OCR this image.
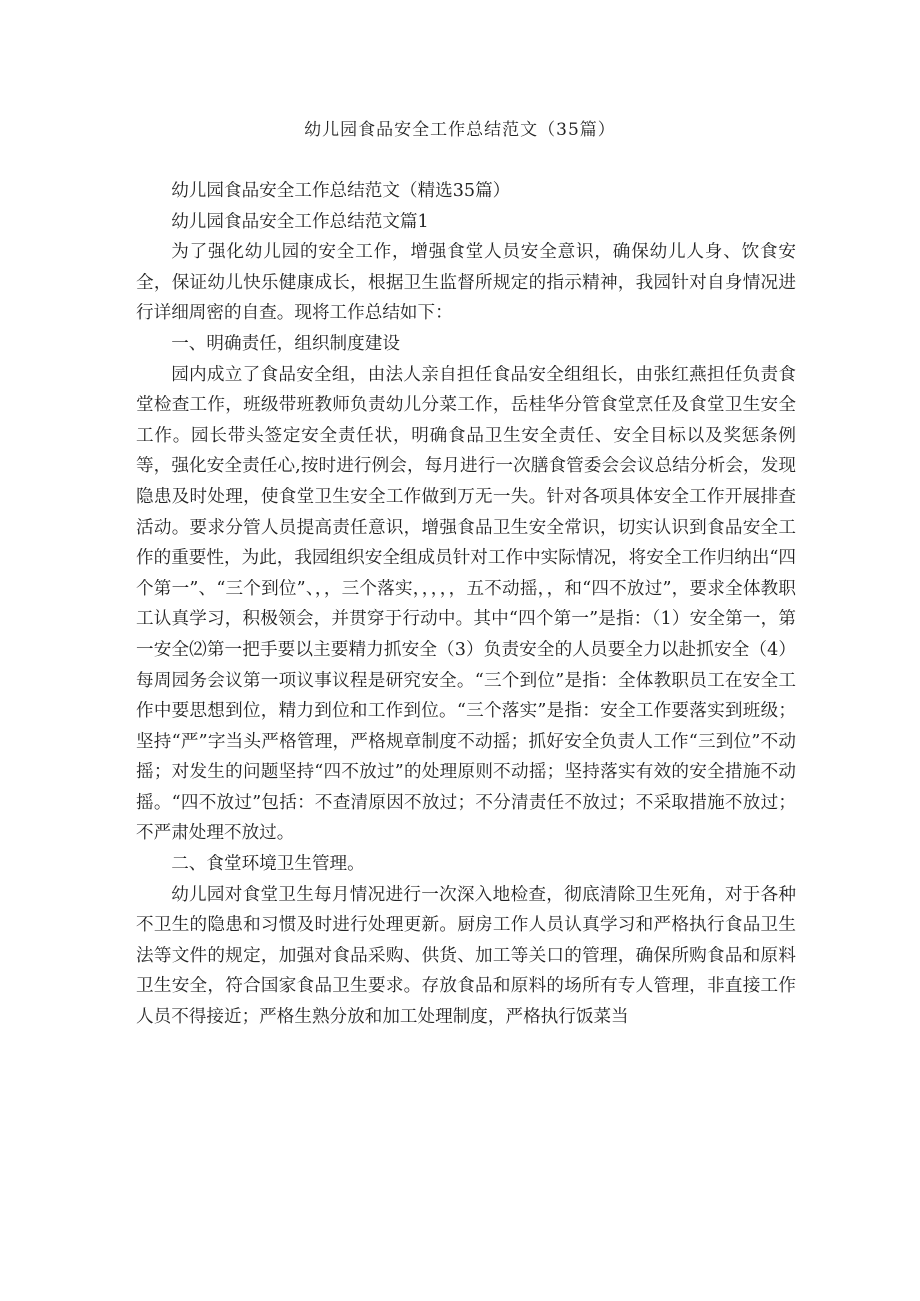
幼儿园食品安全工作总结范文（35篇）

幼儿园食品安全工作总结范文（精选35篇）

幼儿园食品安全工作总结范文篇1

为了强化幼儿园的安全工作，增强食堂人员安全意识，确保幼儿人身、饮食安全，保证幼儿快乐健康成长，根据卫生监督所规定的指示精神，我园针对自身情况进行详细周密的自查。现将工作总结如下：

一、明确责任，组织制度建设

园内成立了食品安全组，由法人亲自担任食品安全组组长，由张红燕担任负责食堂检查工作，班级带班教师负责幼儿分菜工作，岳桂华分管食堂烹任及食堂卫生安全工作。园长带头签定安全责任状，明确食品卫生安全责任、安全目标以及奖惩条例等，强化安全责任心,按时进行例会，每月进行一次膳食管委会会议总结分析会，发现隐患及时处理，使食堂卫生安全工作做到万无一失。针对各项具体安全工作开展排查活动。要求分管人员提高责任意识，增强食品卫生安全常识，切实认识到食品安全工作的重要性，为此，我园组织安全组成员针对工作中实际情况，将安全工作归纳出“四个第一”、“三个到位”、，，三个落实，，，，，五不动摇，，和“四不放过”，要求全体教职工认真学习，积极领会，并贯穿于行动中。其中“四个第一”是指：（1）安全第一，第一安全⑵第一把手要以主要精力抓安全（3）负责安全的人员要全力以赴抓安全（4）每周园务会议第一项议事议程是研究安全。“三个到位”是指：全体教职员工在安全工作中要思想到位，精力到位和工作到位。“三个落实”是指：安全工作要落实到班级；坚持“严”字当头严格管理，严格规章制度不动摇；抓好安全负责人工作“三到位”不动摇；对发生的问题坚持“四不放过”的处理原则不动摇；坚持落实有效的安全措施不动摇。“四不放过”包括：不查清原因不放过；不分清责任不放过；不采取措施不放过；不严肃处理不放过。

二、食堂环境卫生管理。

幼儿园对食堂卫生每月情况进行一次深入地检查，彻底清除卫生死角，对于各种不卫生的隐患和习惯及时进行处理更新。厨房工作人员认真学习和严格执行食品卫生法等文件的规定，加强对食品采购、供货、加工等关口的管理，确保所购食品和原料卫生安全，符合国家食品卫生要求。存放食品和原料的场所有专人管理，非直接工作人员不得接近；严格生熟分放和加工处理制度，严格执行饭菜当
